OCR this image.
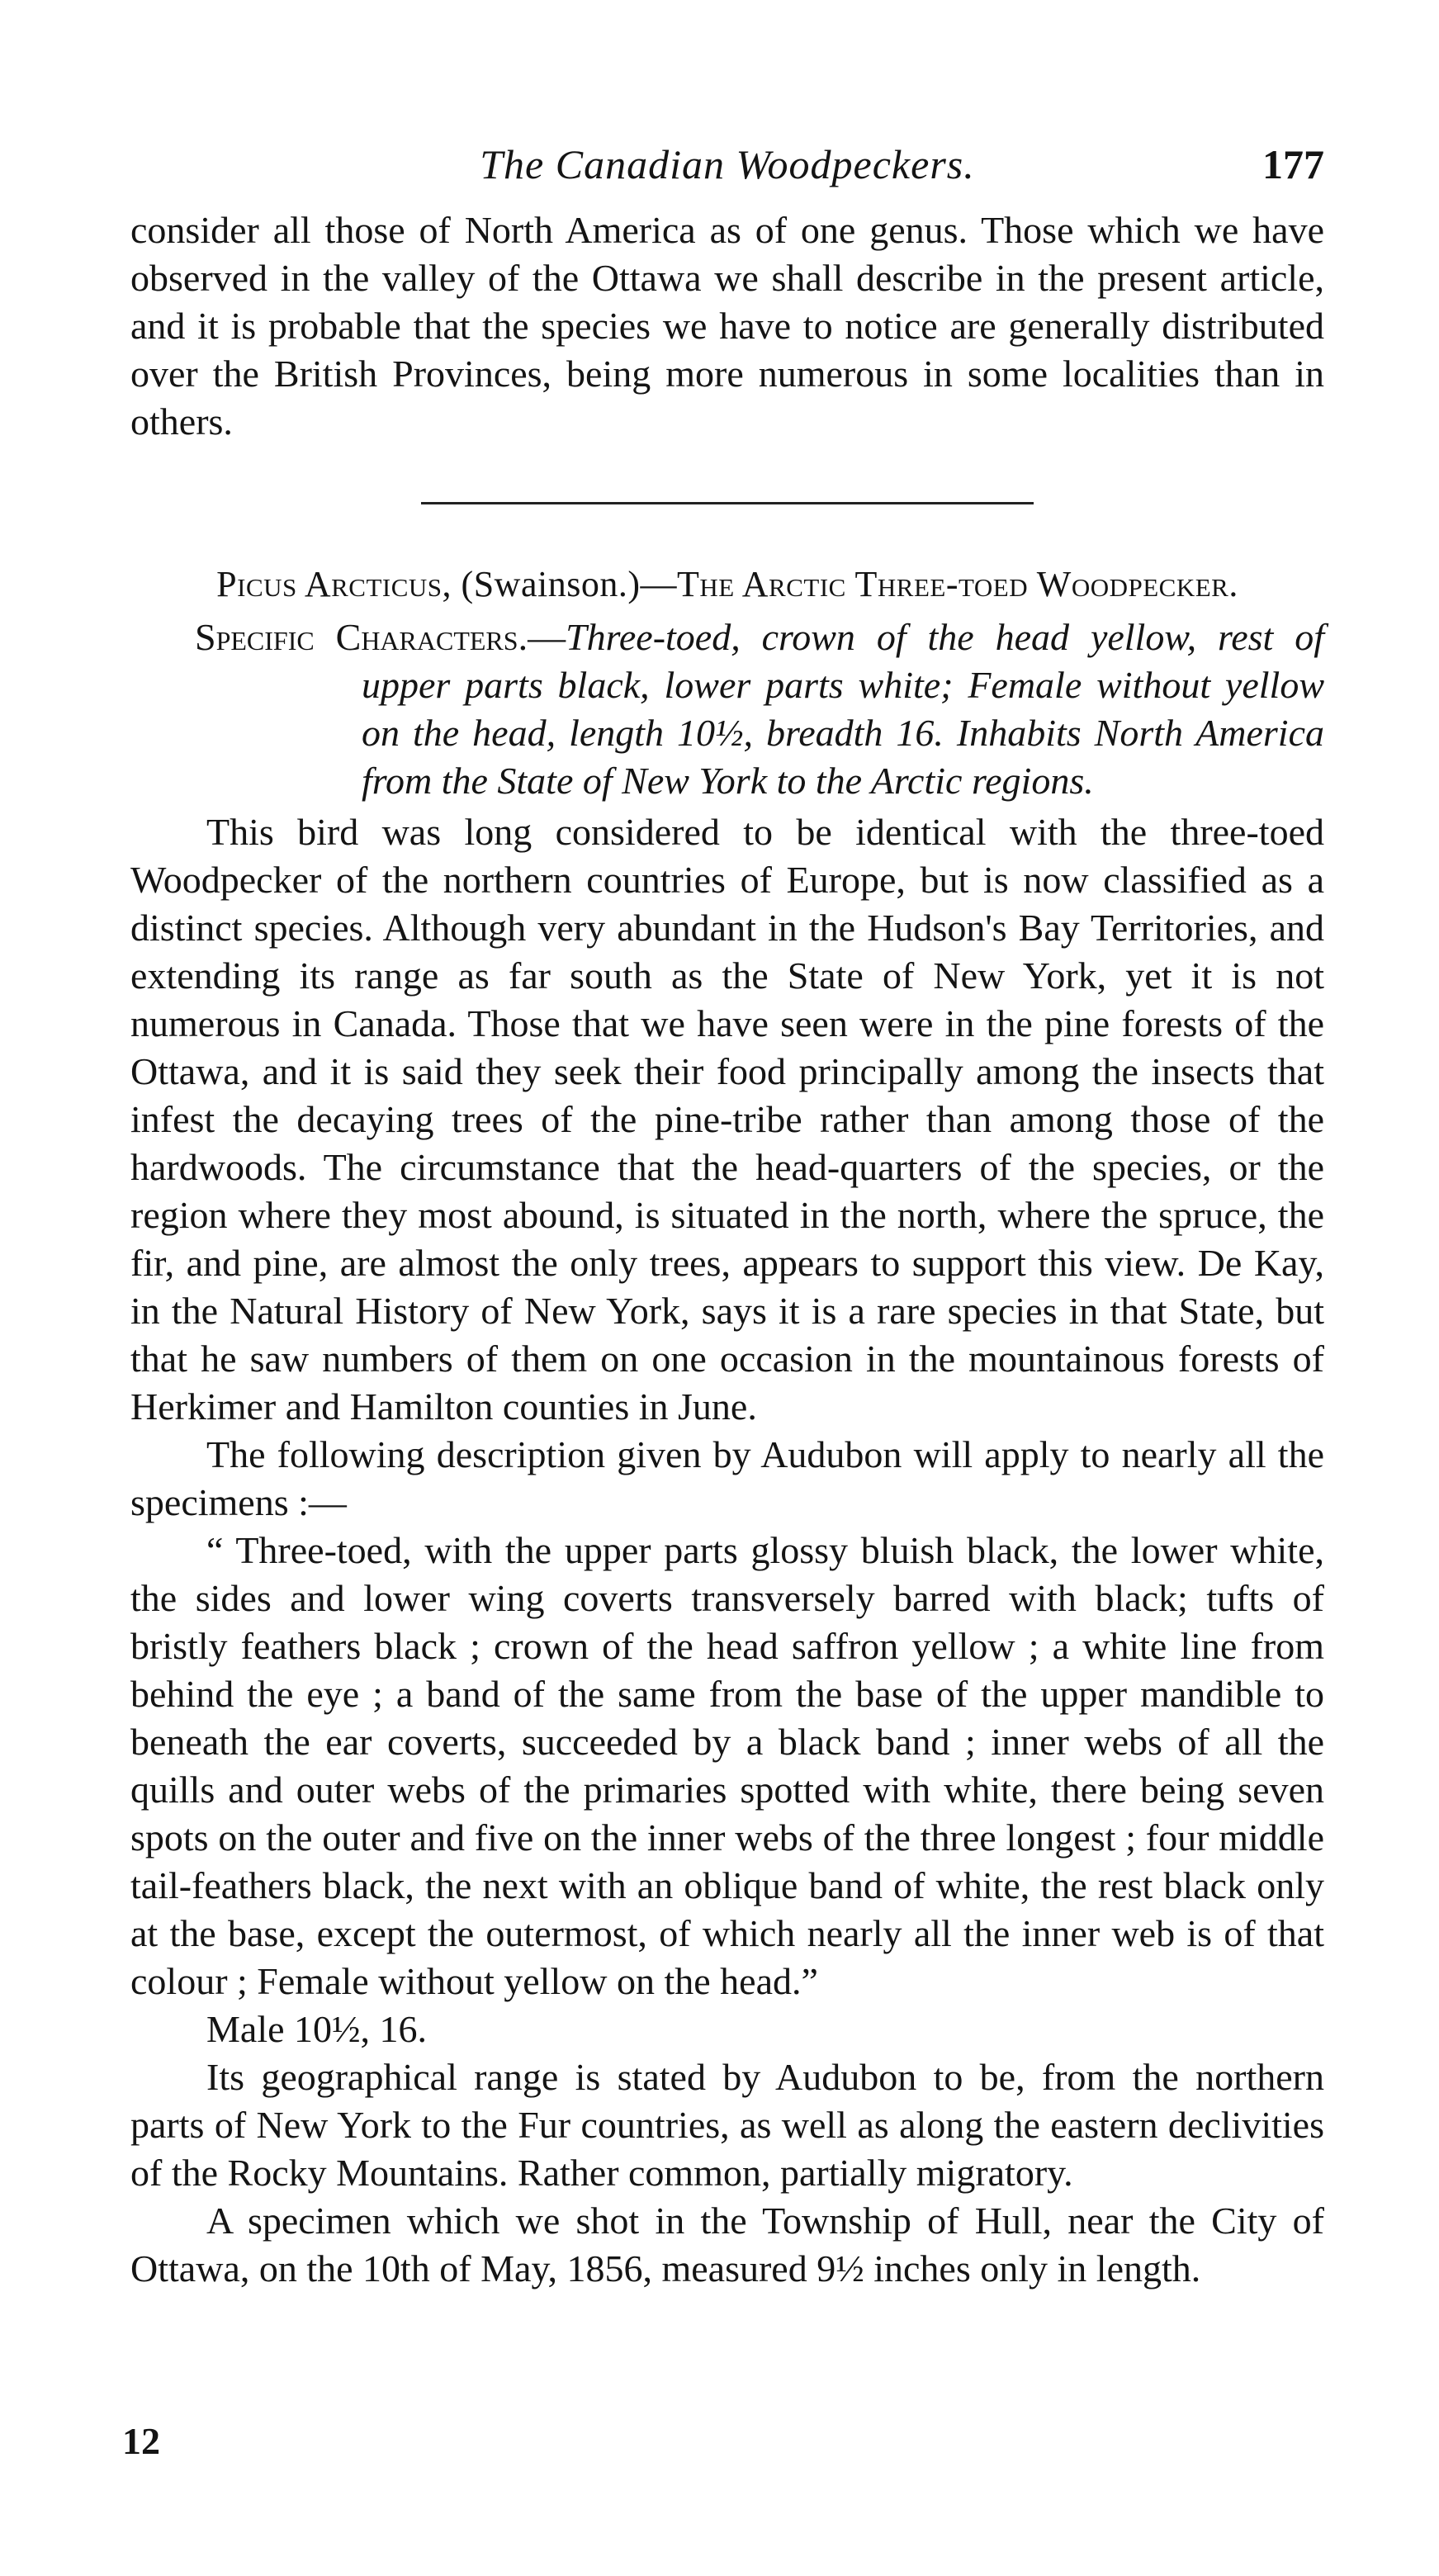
The Canadian Woodpeckers.	177

consider all those of North America as of one genus. Those which we have observed in the valley of the Ottawa we shall describe in the present article, and it is probable that the species we have to notice are generally distributed over the British Provinces, being more numerous in some localities than in others.

Picus Arcticus, (Swainson.)—The Arctic Three-toed Woodpecker.

Specific Characters.—Three-toed, crown of the head yellow, rest of upper parts black, lower parts white; Female without yellow on the head, length 10½, breadth 16. Inhabits North America from the State of New York to the Arctic regions.

This bird was long considered to be identical with the three-toed Woodpecker of the northern countries of Europe, but is now classified as a distinct species. Although very abundant in the Hudson's Bay Territories, and extending its range as far south as the State of New York, yet it is not numerous in Canada. Those that we have seen were in the pine forests of the Ottawa, and it is said they seek their food principally among the insects that infest the decaying trees of the pine-tribe rather than among those of the hardwoods. The circumstance that the head-quarters of the species, or the region where they most abound, is situated in the north, where the spruce, the fir, and pine, are almost the only trees, appears to support this view. De Kay, in the Natural History of New York, says it is a rare species in that State, but that he saw numbers of them on one occasion in the mountainous forests of Herkimer and Hamilton counties in June.

The following description given by Audubon will apply to nearly all the specimens :—

“ Three-toed, with the upper parts glossy bluish black, the lower white, the sides and lower wing coverts transversely barred with black; tufts of bristly feathers black ; crown of the head saffron yellow ; a white line from behind the eye ; a band of the same from the base of the upper mandible to beneath the ear coverts, succeeded by a black band ; inner webs of all the quills and outer webs of the primaries spotted with white, there being seven spots on the outer and five on the inner webs of the three longest ; four middle tail-feathers black, the next with an oblique band of white, the rest black only at the base, except the outermost, of which nearly all the inner web is of that colour ; Female without yellow on the head.”

Male 10½, 16.

Its geographical range is stated by Audubon to be, from the northern parts of New York to the Fur countries, as well as along the eastern declivities of the Rocky Mountains. Rather common, partially migratory.

A specimen which we shot in the Township of Hull, near the City of Ottawa, on the 10th of May, 1856, measured 9½ inches only in length.

12
